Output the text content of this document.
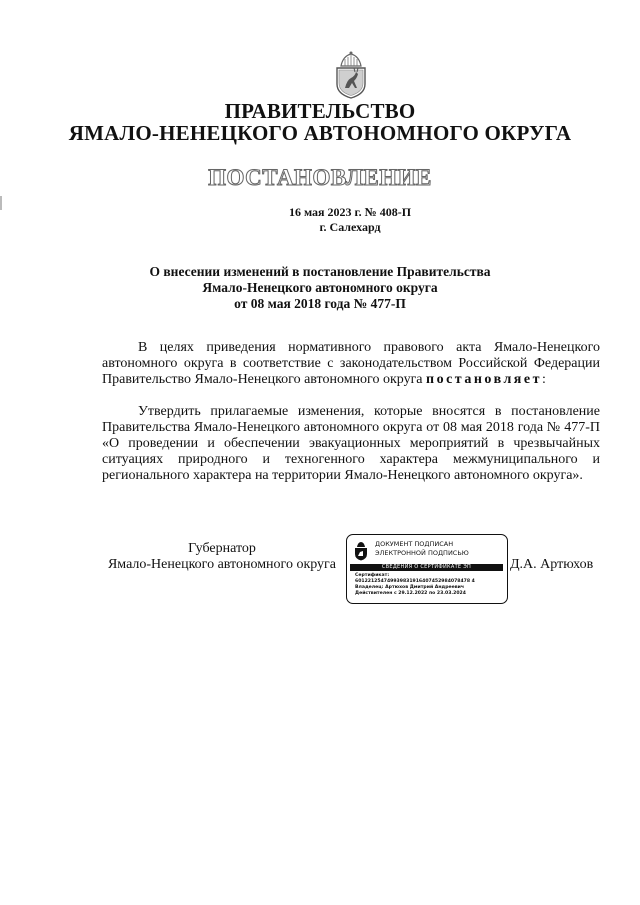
ПРАВИТЕЛЬСТВО
ЯМАЛО-НЕНЕЦКОГО АВТОНОМНОГО ОКРУГА
ПОСТАНОВЛЕНИЕ
16 мая 2023 г. № 408-П
г. Салехард
О внесении изменений в постановление Правительства
Ямало-Ненецкого автономного округа
от 08 мая 2018 года № 477-П
В целях приведения нормативного правового акта Ямало-Ненецкого автономного округа в соответствие с законодательством Российской Федерации Правительство Ямало-Ненецкого автономного округа постановляет:
Утвердить прилагаемые изменения, которые вносятся в постановление Правительства Ямало-Ненецкого автономного округа от 08 мая 2018 года № 477-П «О проведении и обеспечении эвакуационных мероприятий в чрезвычайных ситуациях природного и техногенного характера межмуниципального и регионального характера на территории Ямало-Ненецкого автономного округа».
Губернатор
Ямало-Ненецкого автономного округа
ДОКУМЕНТ ПОДПИСАН
ЭЛЕКТРОННОЙ ПОДПИСЬЮ
СВЕДЕНИЯ О СЕРТИФИКАТЕ ЭП
Сертификат:
601221254749939831916407452984078478 4
Владелец: Артюхов Дмитрий Андреевич
Действителен с 29.12.2022 по 23.03.2024
Д.А. Артюхов
